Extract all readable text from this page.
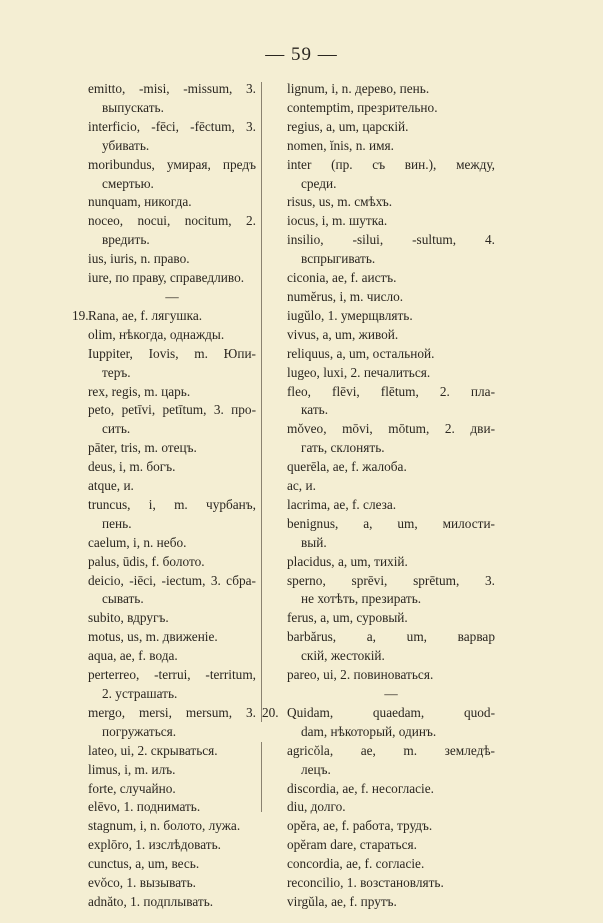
— 59 —
emitto, -misi, -missum, 3.
выпускать.
interficio, -fēci, -fēctum, 3.
убивать.
moribundus, умирая, предъ
смертью.
nunquam, никогда.
noceo, nocui, nocitum, 2.
вредить.
ius, iuris, n. право.
iure, по праву, справедливо.
—
19. Rana, ae, f. лягушка.
olim, нѣкогда, однажды.
Iuppiter, Iovis, m. Юпи-
теръ.
rex, regis, m. царь.
peto, petīvi, petītum, 3. про-
сить.
pāter, tris, m. отецъ.
deus, i, m. богъ.
atque, и.
truncus, i, m. чурбанъ,
пень.
caelum, i, n. небо.
palus, ūdis, f. болото.
deicio, -iēci, -iectum, 3. сбра-
сывать.
subito, вдругъ.
motus, us, m. движенie.
aqua, ae, f. вода.
perterreo, -terrui, -territum,
2. устрашать.
mergo, mersi, mersum, 3.
погружаться.
lateo, ui, 2. скрываться.
limus, i, m. илъ.
forte, случайно.
elēvo, 1. поднимать.
stagnum, i, n. болото, лужа.
explōro, 1. изслѣдовать.
cunctus, a, um, весь.
evŏco, 1. вызывать.
adnăto, 1. подплывать.
lignum, i, n. дерево, пень.
contemptim, презрительно.
regius, a, um, царскій.
nomen, ĭnis, n. имя.
inter (пр. съ вин.), между,
среди.
risus, us, m. смѣхъ.
iocus, i, m. шутка.
insilio, -silui, -sultum, 4.
вспрыгивать.
ciconia, ae, f. аистъ.
numĕrus, i, m. число.
iugŭlo, 1. умерщвлять.
vivus, a, um, живой.
reliquus, a, um, остальной.
lugeo, luxi, 2. печалиться.
fleo, flēvi, flētum, 2. пла-
кать.
mŏveo, mōvi, mōtum, 2. дви-
гать, склонять.
querēla, ae, f. жалоба.
ac, и.
lacrima, ae, f. слеза.
benignus, a, um, милости-
вый.
placidus, a, um, тихій.
sperno, sprēvi, sprētum, 3.
не хотѣть, презирать.
ferus, a, um, суровый.
barbărus, a, um, варвар
скій, жестокій.
pareo, ui, 2. повиноваться.
—
20. Quidam, quaedam, quod-
dam, нѣкоторый, одинъ.
agricŏla, ae, m. земледѣ-
лецъ.
discordia, ae, f. несогласіе.
diu, долго.
opĕra, ae, f. работа, трудъ.
opĕram dare, стараться.
concordia, ae, f. согласіе.
reconcilio, 1. возстановлять.
virgŭla, ae, f. прутъ.
